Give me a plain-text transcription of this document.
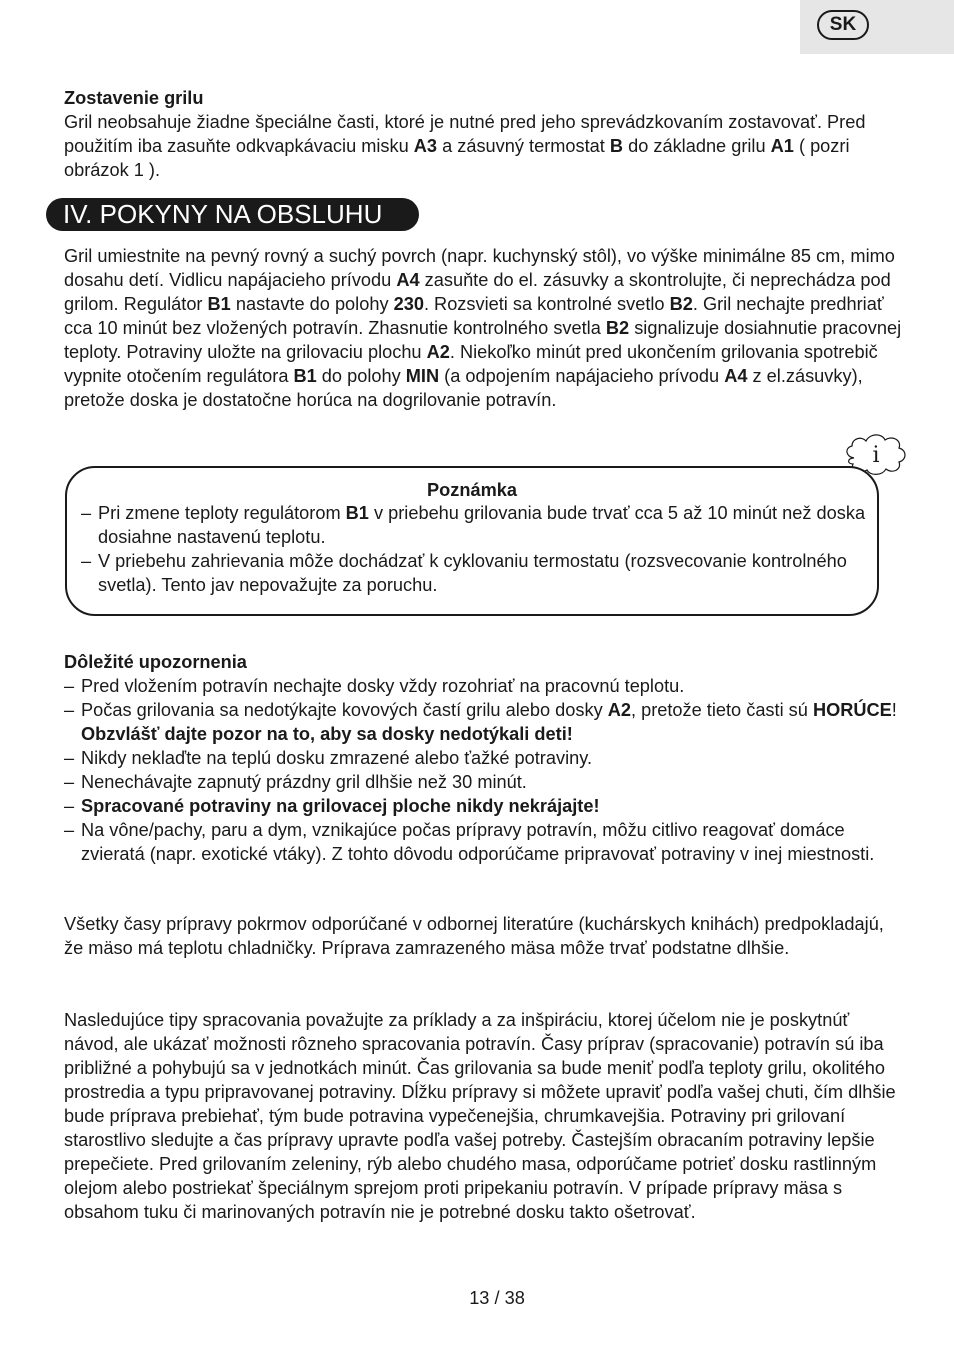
SK

Zostavenie grilu

Gril neobsahuje žiadne špeciálne časti, ktoré je nutné pred jeho sprevádzkovaním zostavovať. Pred použitím iba zasuňte odkvapkávaciu misku A3 a zásuvný termostat B do základne grilu A1 ( pozri obrázok 1 ).

IV. POKYNY NA OBSLUHU

Gril umiestnite na pevný rovný a suchý povrch (napr. kuchynský stôl), vo výške minimálne 85 cm, mimo dosahu detí. Vidlicu napájacieho prívodu A4 zasuňte do el. zásuvky a skontrolujte, či neprechádza pod grilom. Regulátor B1 nastavte do polohy 230. Rozsvieti sa kontrolné svetlo B2. Gril nechajte predhriať cca 10 minút bez vložených potravín. Zhasnutie kontrolného svetla B2 signalizuje dosiahnutie pracovnej teploty. Potraviny uložte na grilovaciu plochu A2. Niekoľko minút pred ukončením grilovania spotrebič vypnite otočením regulátora B1 do polohy MIN (a odpojením napájacieho prívodu A4 z el.zásuvky), pretože doska je dostatočne horúca na dogrilovanie potravín.

i
Poznámka
– Pri zmene teploty regulátorom B1 v priebehu grilovania bude trvať cca 5 až 10 minút než doska dosiahne nastavenú teplotu.
– V priebehu zahrievania môže dochádzať k cyklovaniu termostatu (rozsvecovanie kontrolného svetla). Tento jav nepovažujte za poruchu.

Dôležité upozornenia

– Pred vložením potravín nechajte dosky vždy rozohriať na pracovnú teplotu.
– Počas grilovania sa nedotýkajte kovových častí grilu alebo dosky A2, pretože tieto časti sú HORÚCE! Obzvlášť dajte pozor na to, aby sa dosky nedotýkali deti!
– Nikdy neklaďte na teplú dosku zmrazené alebo ťažké potraviny.
– Nenechávajte zapnutý prázdny gril dlhšie než 30 minút.
– Spracované potraviny na grilovacej ploche nikdy nekrájajte!
– Na vône/pachy, paru a dym, vznikajúce počas prípravy potravín, môžu citlivo reagovať domáce zvieratá (napr. exotické vtáky). Z tohto dôvodu odporúčame pripravovať potraviny v inej miestnosti.

Všetky časy prípravy pokrmov odporúčané v odbornej literatúre (kuchárskych knihách) predpokladajú, že mäso má teplotu chladničky. Príprava zamrazeného mäsa môže trvať podstatne dlhšie.

Nasledujúce tipy spracovania považujte za príklady a za inšpiráciu, ktorej účelom nie je poskytnúť návod, ale ukázať možnosti rôzneho spracovania potravín. Časy príprav (spracovanie) potravín sú iba približné a pohybujú sa v jednotkách minút. Čas grilovania sa bude meniť podľa teploty grilu, okolitého prostredia a typu pripravovanej potraviny. Dĺžku prípravy si môžete upraviť podľa vašej chuti, čím dlhšie bude príprava prebiehať, tým bude potravina vypečenejšia, chrumkavejšia. Potraviny pri grilovaní starostlivo sledujte a čas prípravy upravte podľa vašej potreby. Častejším obracaním potraviny lepšie prepečiete. Pred grilovaním zeleniny, rýb alebo chudého masa, odporúčame potrieť dosku rastlinným olejom alebo postriekať špeciálnym sprejom proti pripekaniu potravín. V prípade prípravy mäsa s obsahom tuku či marinovaných potravín nie je potrebné dosku takto ošetrovať.

13 / 38
